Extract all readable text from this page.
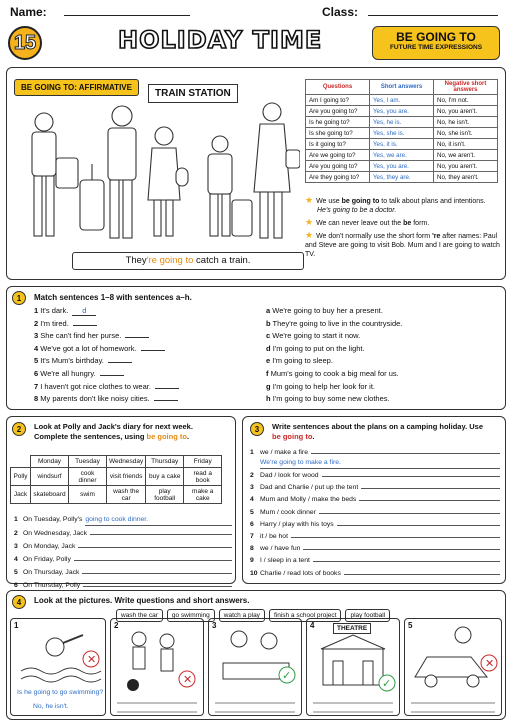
Name:	Class:
15	HOLIDAY TIME	BE GOING TO
FUTURE TIME EXPRESSIONS
BE GOING TO: AFFIRMATIVE
TRAIN STATION
They're going to catch a train.
Questions	Short answers	Negative short answers
Am I going to?	Yes, I am.	No, I'm not.
Are you going to?	Yes, you are.	No, you aren't.
Is he going to?	Yes, he is.	No, he isn't.
Is she going to?	Yes, she is.	No, she isn't.
Is it going to?	Yes, it is.	No, it isn't.
Are we going to?	Yes, we are.	No, we aren't.
Are you going to?	Yes, you are.	No, you aren't.
Are they going to?	Yes, they are.	No, they aren't.
★ We use be going to to talk about plans and intentions.
He's going to be a doctor.
★ We can never leave out the be form.
★ We don't normally use the short form 're after names: Paul and Steve are going to visit Bob. Mum and I are going to watch TV.
1	Match sentences 1–8 with sentences a–h.
1 It's dark. d
2 I'm tired.
3 She can't find her purse.
4 We've got a lot of homework.
5 It's Mum's birthday.
6 We're all hungry.
7 I haven't got nice clothes to wear.
8 My parents don't like noisy cities.
a We're going to buy her a present.
b They're going to live in the countryside.
c We're going to start it now.
d I'm going to put on the light.
e I'm going to sleep.
f Mum's going to cook a big meal for us.
g I'm going to help her look for it.
h I'm going to buy some new clothes.
2	Look at Polly and Jack's diary for next week. Complete the sentences, using be going to.
	Monday	Tuesday	Wednesday	Thursday	Friday
Polly	windsurf	cook dinner	visit friends	buy a cake	read a book
Jack	skateboard	swim	wash the car	play football	make a cake
1 On Tuesday, Polly's going to cook dinner.
2 On Wednesday, Jack
3 On Monday, Jack
4 On Friday, Polly
5 On Thursday, Jack
6 On Thursday, Polly
3	Write sentences about the plans on a camping holiday. Use be going to.
1 we / make a fire
We're going to make a fire.
2 Dad / look for wood
3 Dad and Charlie / put up the tent
4 Mum and Molly / make the beds
5 Mum / cook dinner
6 Harry / play with his toys
7 it / be hot
8 we / have fun
9 I / sleep in a tent
10 Charlie / read lots of books
4	Look at the pictures. Write questions and short answers.
wash the car go swimming watch a play finish a school project play football
1
✕
Is he going to go swimming?
No, he isn't.
2
✕
3
✓
4	THEATRE
✓
5
✕
